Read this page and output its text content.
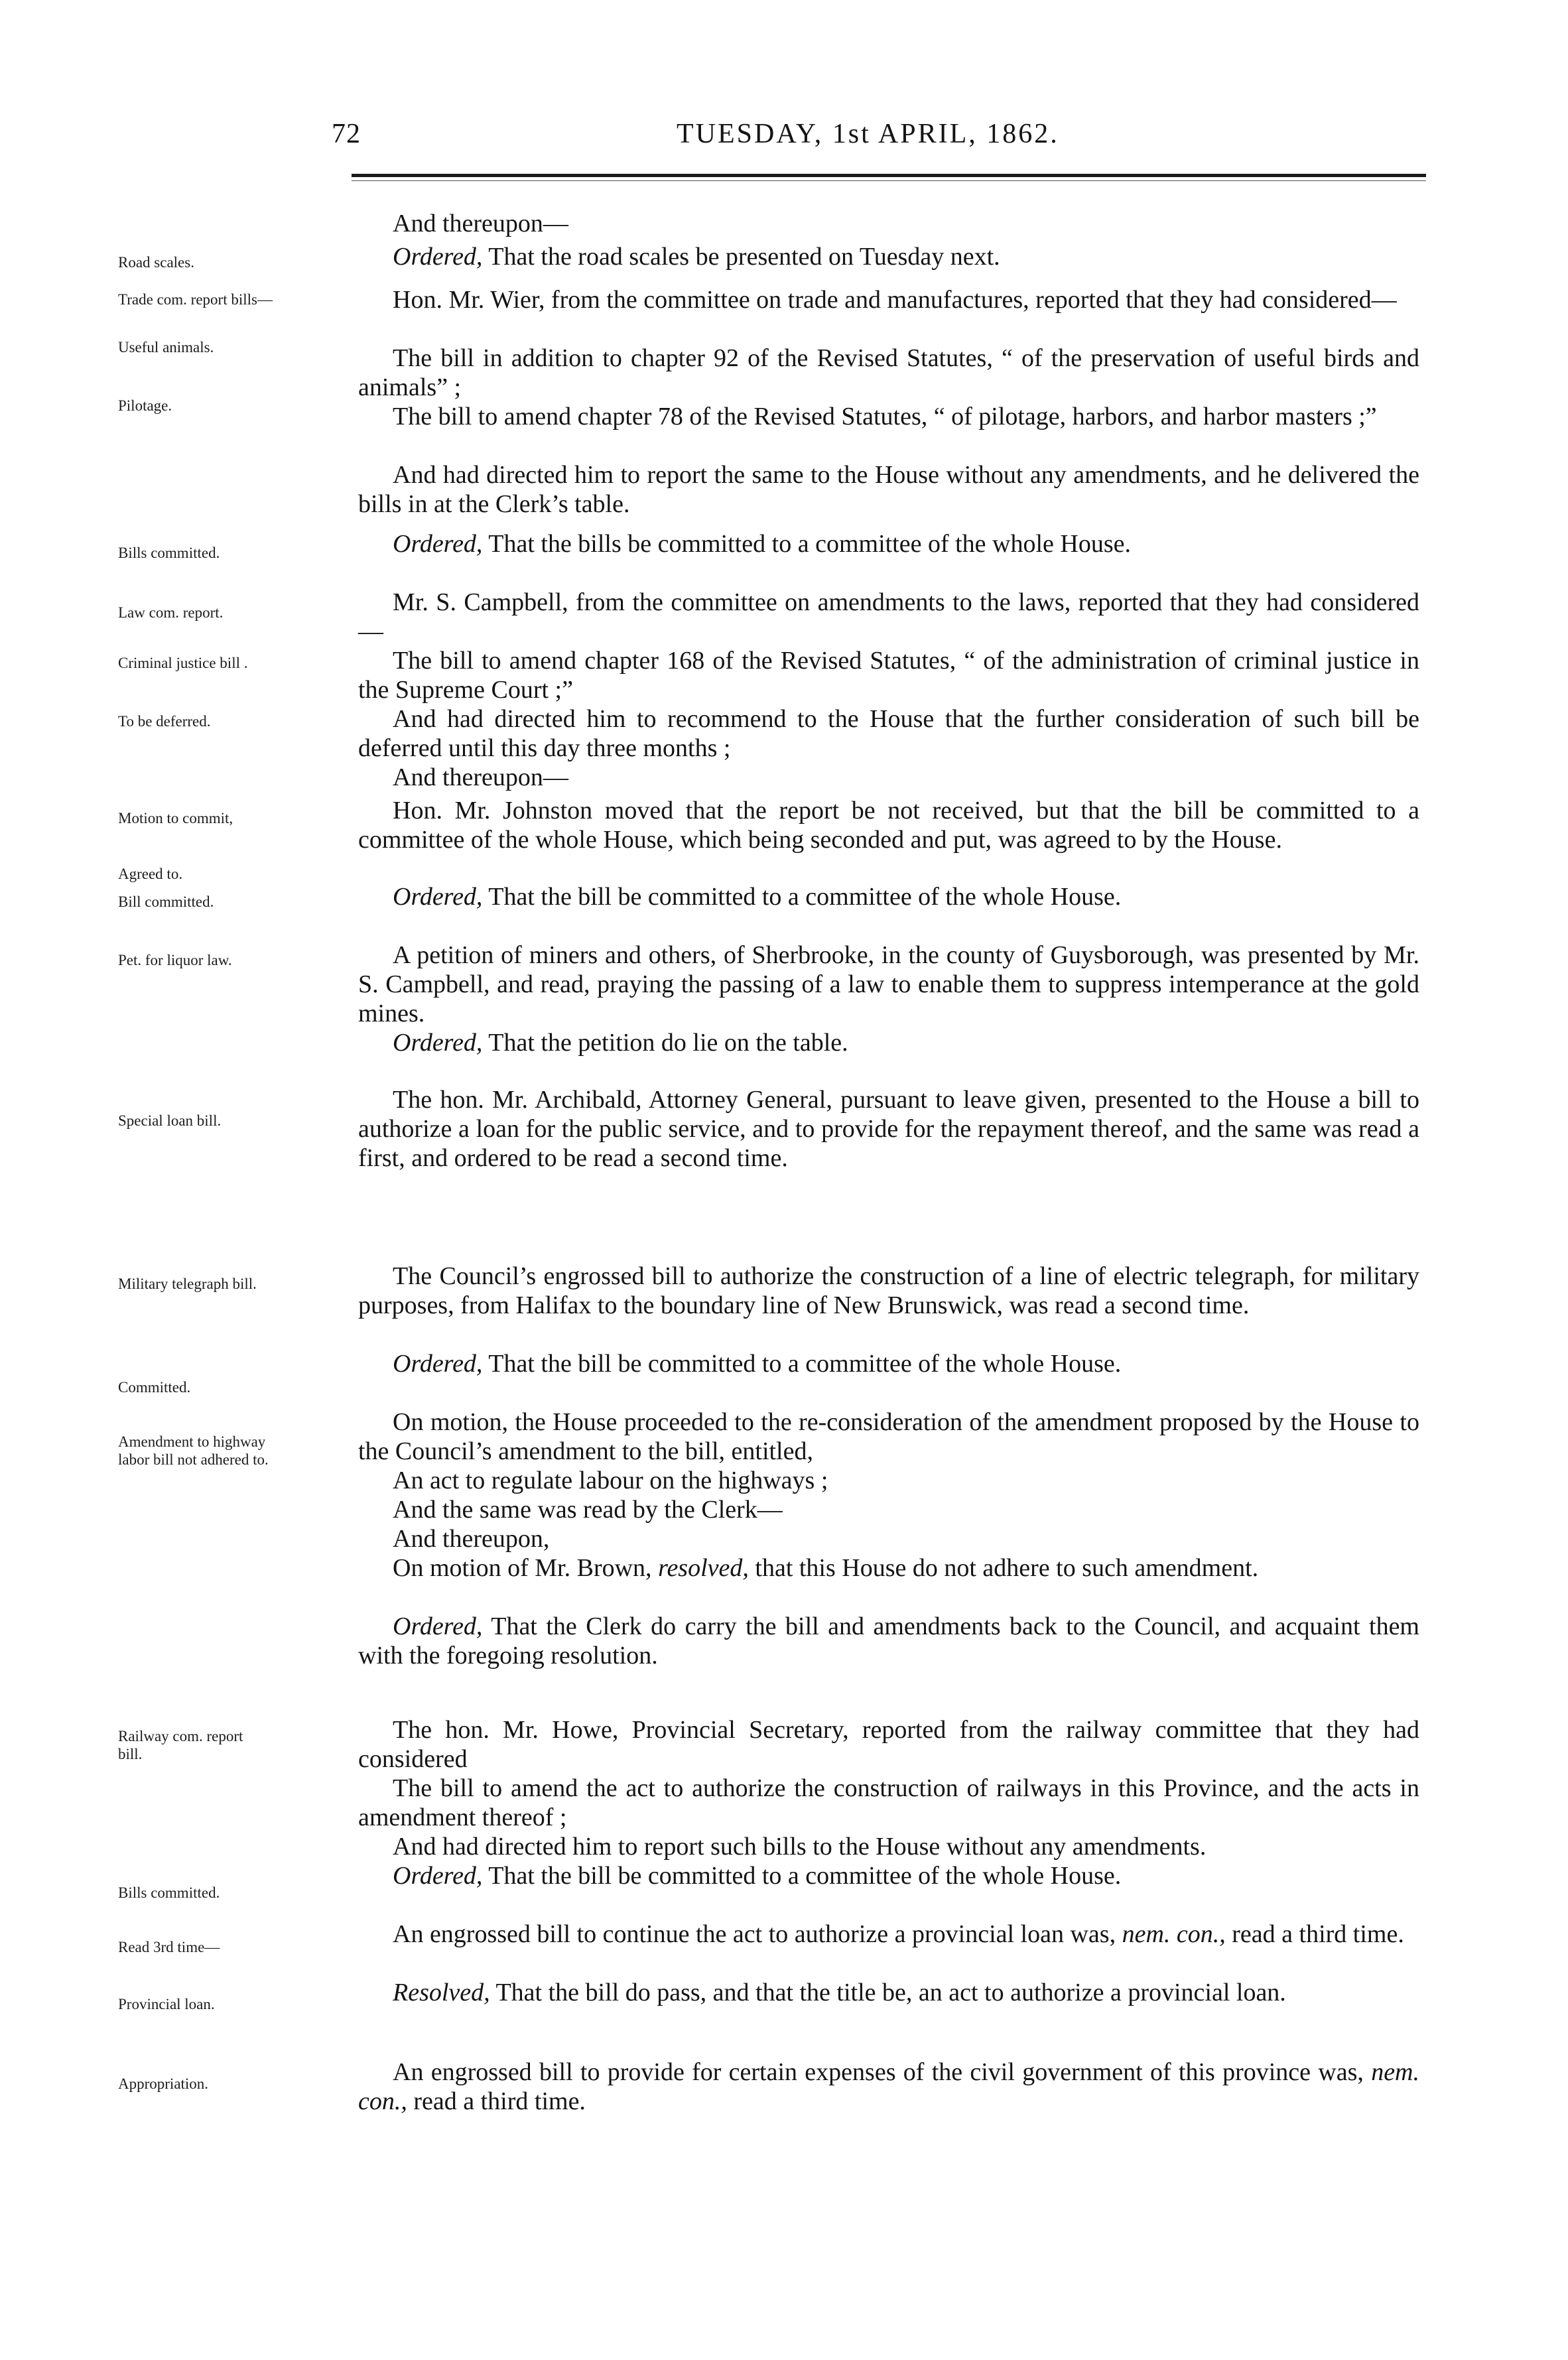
72	TUESDAY, 1st APRIL, 1862.
Road scales.
Trade com. report bills—
Useful animals.
Pilotage.
Bills committed.
Law com. report.
Criminal justice bill .
To be deferred.
Motion to commit,
Agreed to.
Bill committed.
Pet. for liquor law.
Special loan bill.
Military telegraph bill.
Committed.
Amendment to highway labor bill not adhered to.
Railway com. report bill.
Bills committed.
Read 3rd time—
Provincial loan.
Appropriation.
And thereupon—
Ordered, That the road scales be presented on Tuesday next.
Hon. Mr. Wier, from the committee on trade and manufactures, reported that they had considered—
The bill in addition to chapter 92 of the Revised Statutes, “ of the preservation of useful birds and animals” ;
The bill to amend chapter 78 of the Revised Statutes, “ of pilotage, harbors, and harbor masters ;”
And had directed him to report the same to the House without any amendments, and he delivered the bills in at the Clerk’s table.
Ordered, That the bills be committed to a committee of the whole House.
Mr. S. Campbell, from the committee on amendments to the laws, reported that they had considered—
The bill to amend chapter 168 of the Revised Statutes, “ of the administration of criminal justice in the Supreme Court ;”
And had directed him to recommend to the House that the further consideration of such bill be deferred until this day three months ;
And thereupon—
Hon. Mr. Johnston moved that the report be not received, but that the bill be committed to a committee of the whole House, which being seconded and put, was agreed to by the House.
Ordered, That the bill be committed to a committee of the whole House.
A petition of miners and others, of Sherbrooke, in the county of Guysborough, was presented by Mr. S. Campbell, and read, praying the passing of a law to enable them to suppress intemperance at the gold mines.
Ordered, That the petition do lie on the table.
The hon. Mr. Archibald, Attorney General, pursuant to leave given, presented to the House a bill to authorize a loan for the public service, and to provide for the repayment thereof, and the same was read a first, and ordered to be read a second time.
The Council’s engrossed bill to authorize the construction of a line of electric telegraph, for military purposes, from Halifax to the boundary line of New Brunswick, was read a second time.
Ordered, That the bill be committed to a committee of the whole House.
On motion, the House proceeded to the re-consideration of the amendment proposed by the House to the Council’s amendment to the bill, entitled,
An act to regulate labour on the highways ;
And the same was read by the Clerk—
And thereupon,
On motion of Mr. Brown, resolved, that this House do not adhere to such amendment.
Ordered, That the Clerk do carry the bill and amendments back to the Council, and acquaint them with the foregoing resolution.
The hon. Mr. Howe, Provincial Secretary, reported from the railway committee that they had considered
The bill to amend the act to authorize the construction of railways in this Province, and the acts in amendment thereof ;
And had directed him to report such bills to the House without any amendments.
Ordered, That the bill be committed to a committee of the whole House.
An engrossed bill to continue the act to authorize a provincial loan was, nem. con., read a third time.
Resolved, That the bill do pass, and that the title be, an act to authorize a provincial loan.
An engrossed bill to provide for certain expenses of the civil government of this province was, nem. con., read a third time.
